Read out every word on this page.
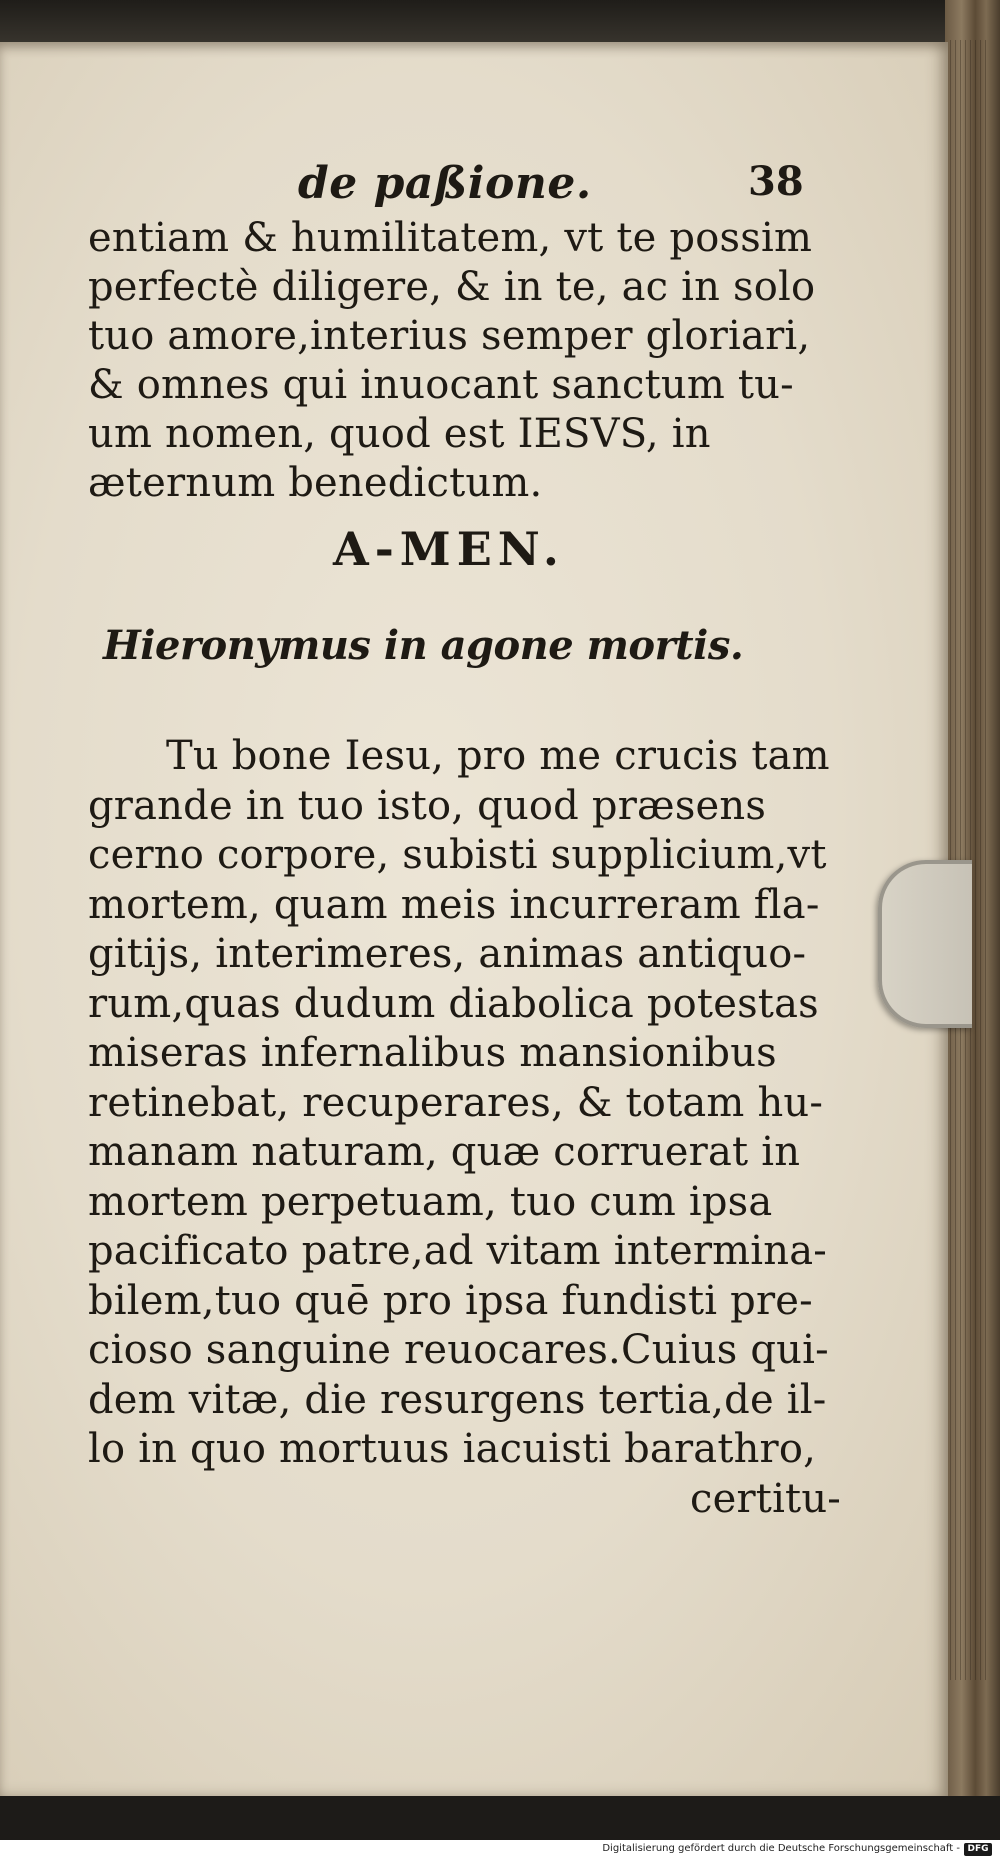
de paßione.	38
entiam & humilitatem, vt te possim
perfectè diligere, & in te, ac in solo
tuo amore,interius semper gloriari,
& omnes qui inuocant sanctum tu-
um nomen, quod est IESVS, in
æternum benedictum.
A-MEN.
Hieronymus in agone mortis.
Tu bone Iesu, pro me crucis tam
grande in tuo isto, quod præsens
cerno corpore, subisti supplicium,vt
mortem, quam meis incurreram fla-
gitijs, interimeres, animas antiquo-
rum,quas dudum diabolica potestas
miseras infernalibus mansionibus
retinebat, recuperares, & totam hu-
manam naturam, quæ corruerat in
mortem perpetuam, tuo cum ipsa
pacificato patre,ad vitam intermina-
bilem,tuo quē pro ipsa fundisti pre-
cioso sanguine reuocares.Cuius qui-
dem vitæ, die resurgens tertia,de il-
lo in quo mortuus iacuisti barathro,
certitu-
Digitalisierung gefördert durch die Deutsche Forschungsgemeinschaft - DFG
